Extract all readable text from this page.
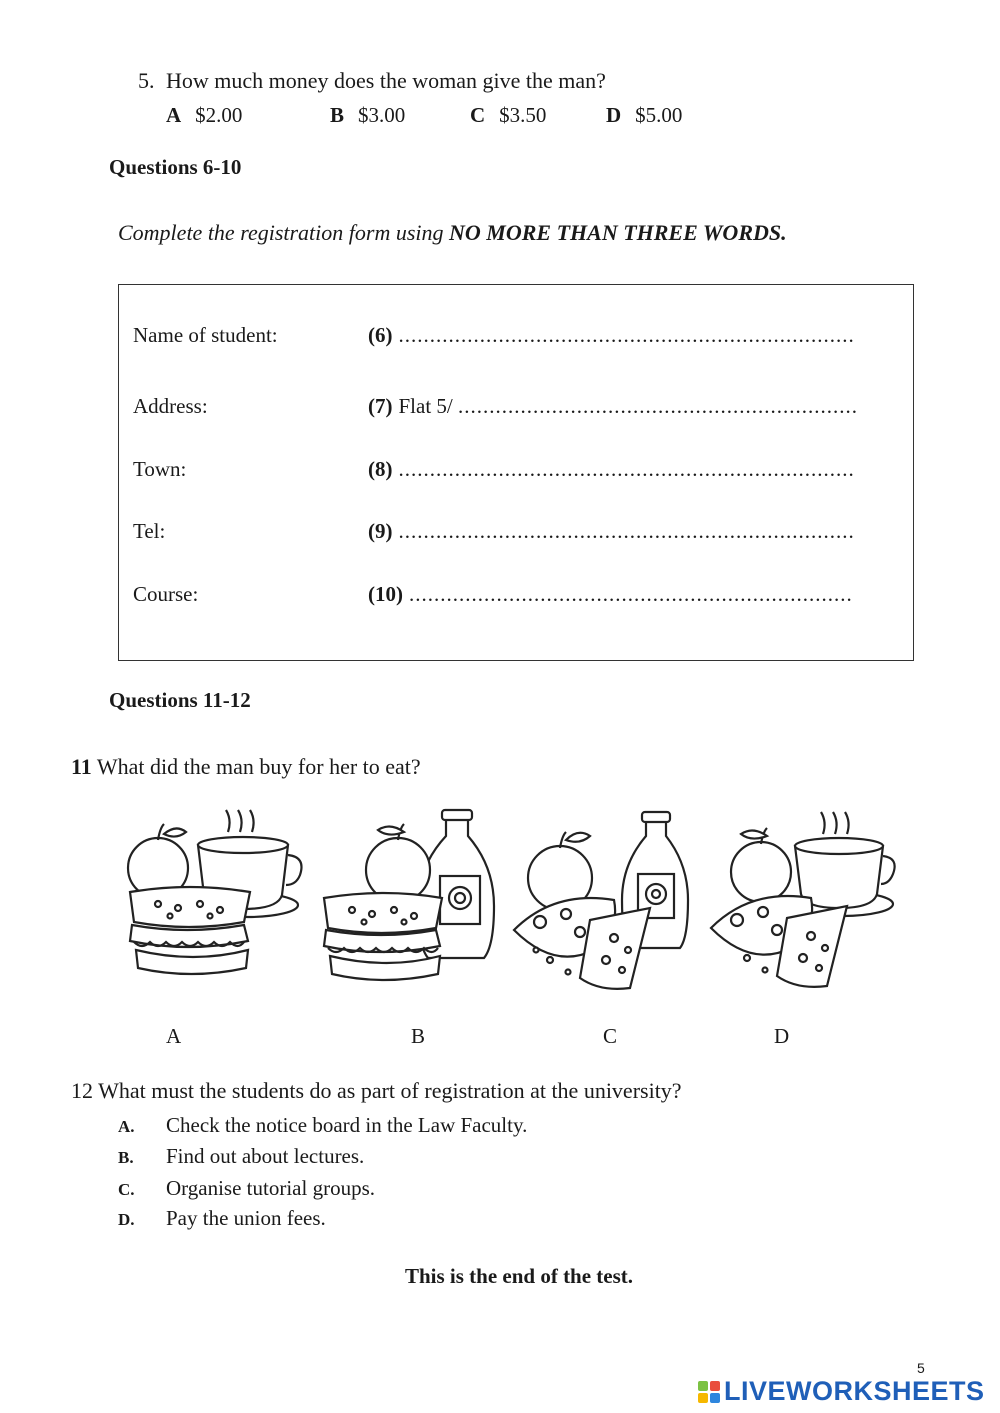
5. How much money does the woman give the man?
A $2.00	B $3.00	C $3.50	D $5.00
Questions 6-10
Complete the registration form using NO MORE THAN THREE WORDS.
Name of student:	(6) .........................................................................
Address:	(7) Flat 5/ ................................................................
Town:	(8) .........................................................................
Tel:	(9) .........................................................................
Course:	(10) .......................................................................
Questions 11-12
11 What did the man buy for her to eat?
A	B	C	D
12 What must the students do as part of registration at the university?
A. Check the notice board in the Law Faculty.
B. Find out about lectures.
C. Organise tutorial groups.
D. Pay the union fees.
This is the end of the test.
5
LIVEWORKSHEETS
